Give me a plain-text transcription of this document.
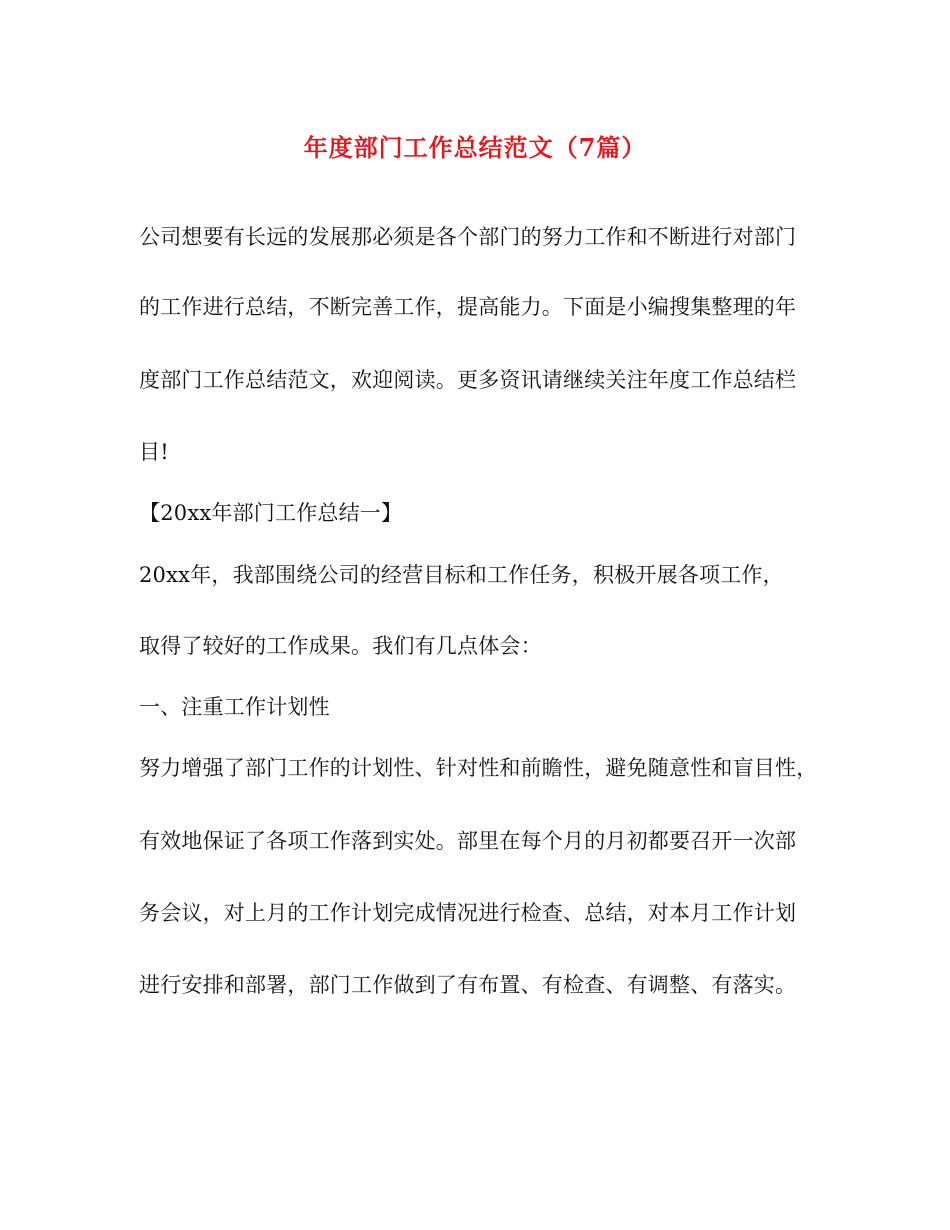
年度部门工作总结范文（7篇）
公司想要有长远的发展那必须是各个部门的努力工作和不断进行对部门
的工作进行总结，不断完善工作，提高能力。下面是小编搜集整理的年
度部门工作总结范文，欢迎阅读。更多资讯请继续关注年度工作总结栏
目!
【20xx年部门工作总结一】
20xx年，我部围绕公司的经营目标和工作任务，积极开展各项工作，
取得了较好的工作成果。我们有几点体会：
一、注重工作计划性
努力增强了部门工作的计划性、针对性和前瞻性，避免随意性和盲目性，
有效地保证了各项工作落到实处。部里在每个月的月初都要召开一次部
务会议，对上月的工作计划完成情况进行检查、总结，对本月工作计划
进行安排和部署，部门工作做到了有布置、有检查、有调整、有落实。
